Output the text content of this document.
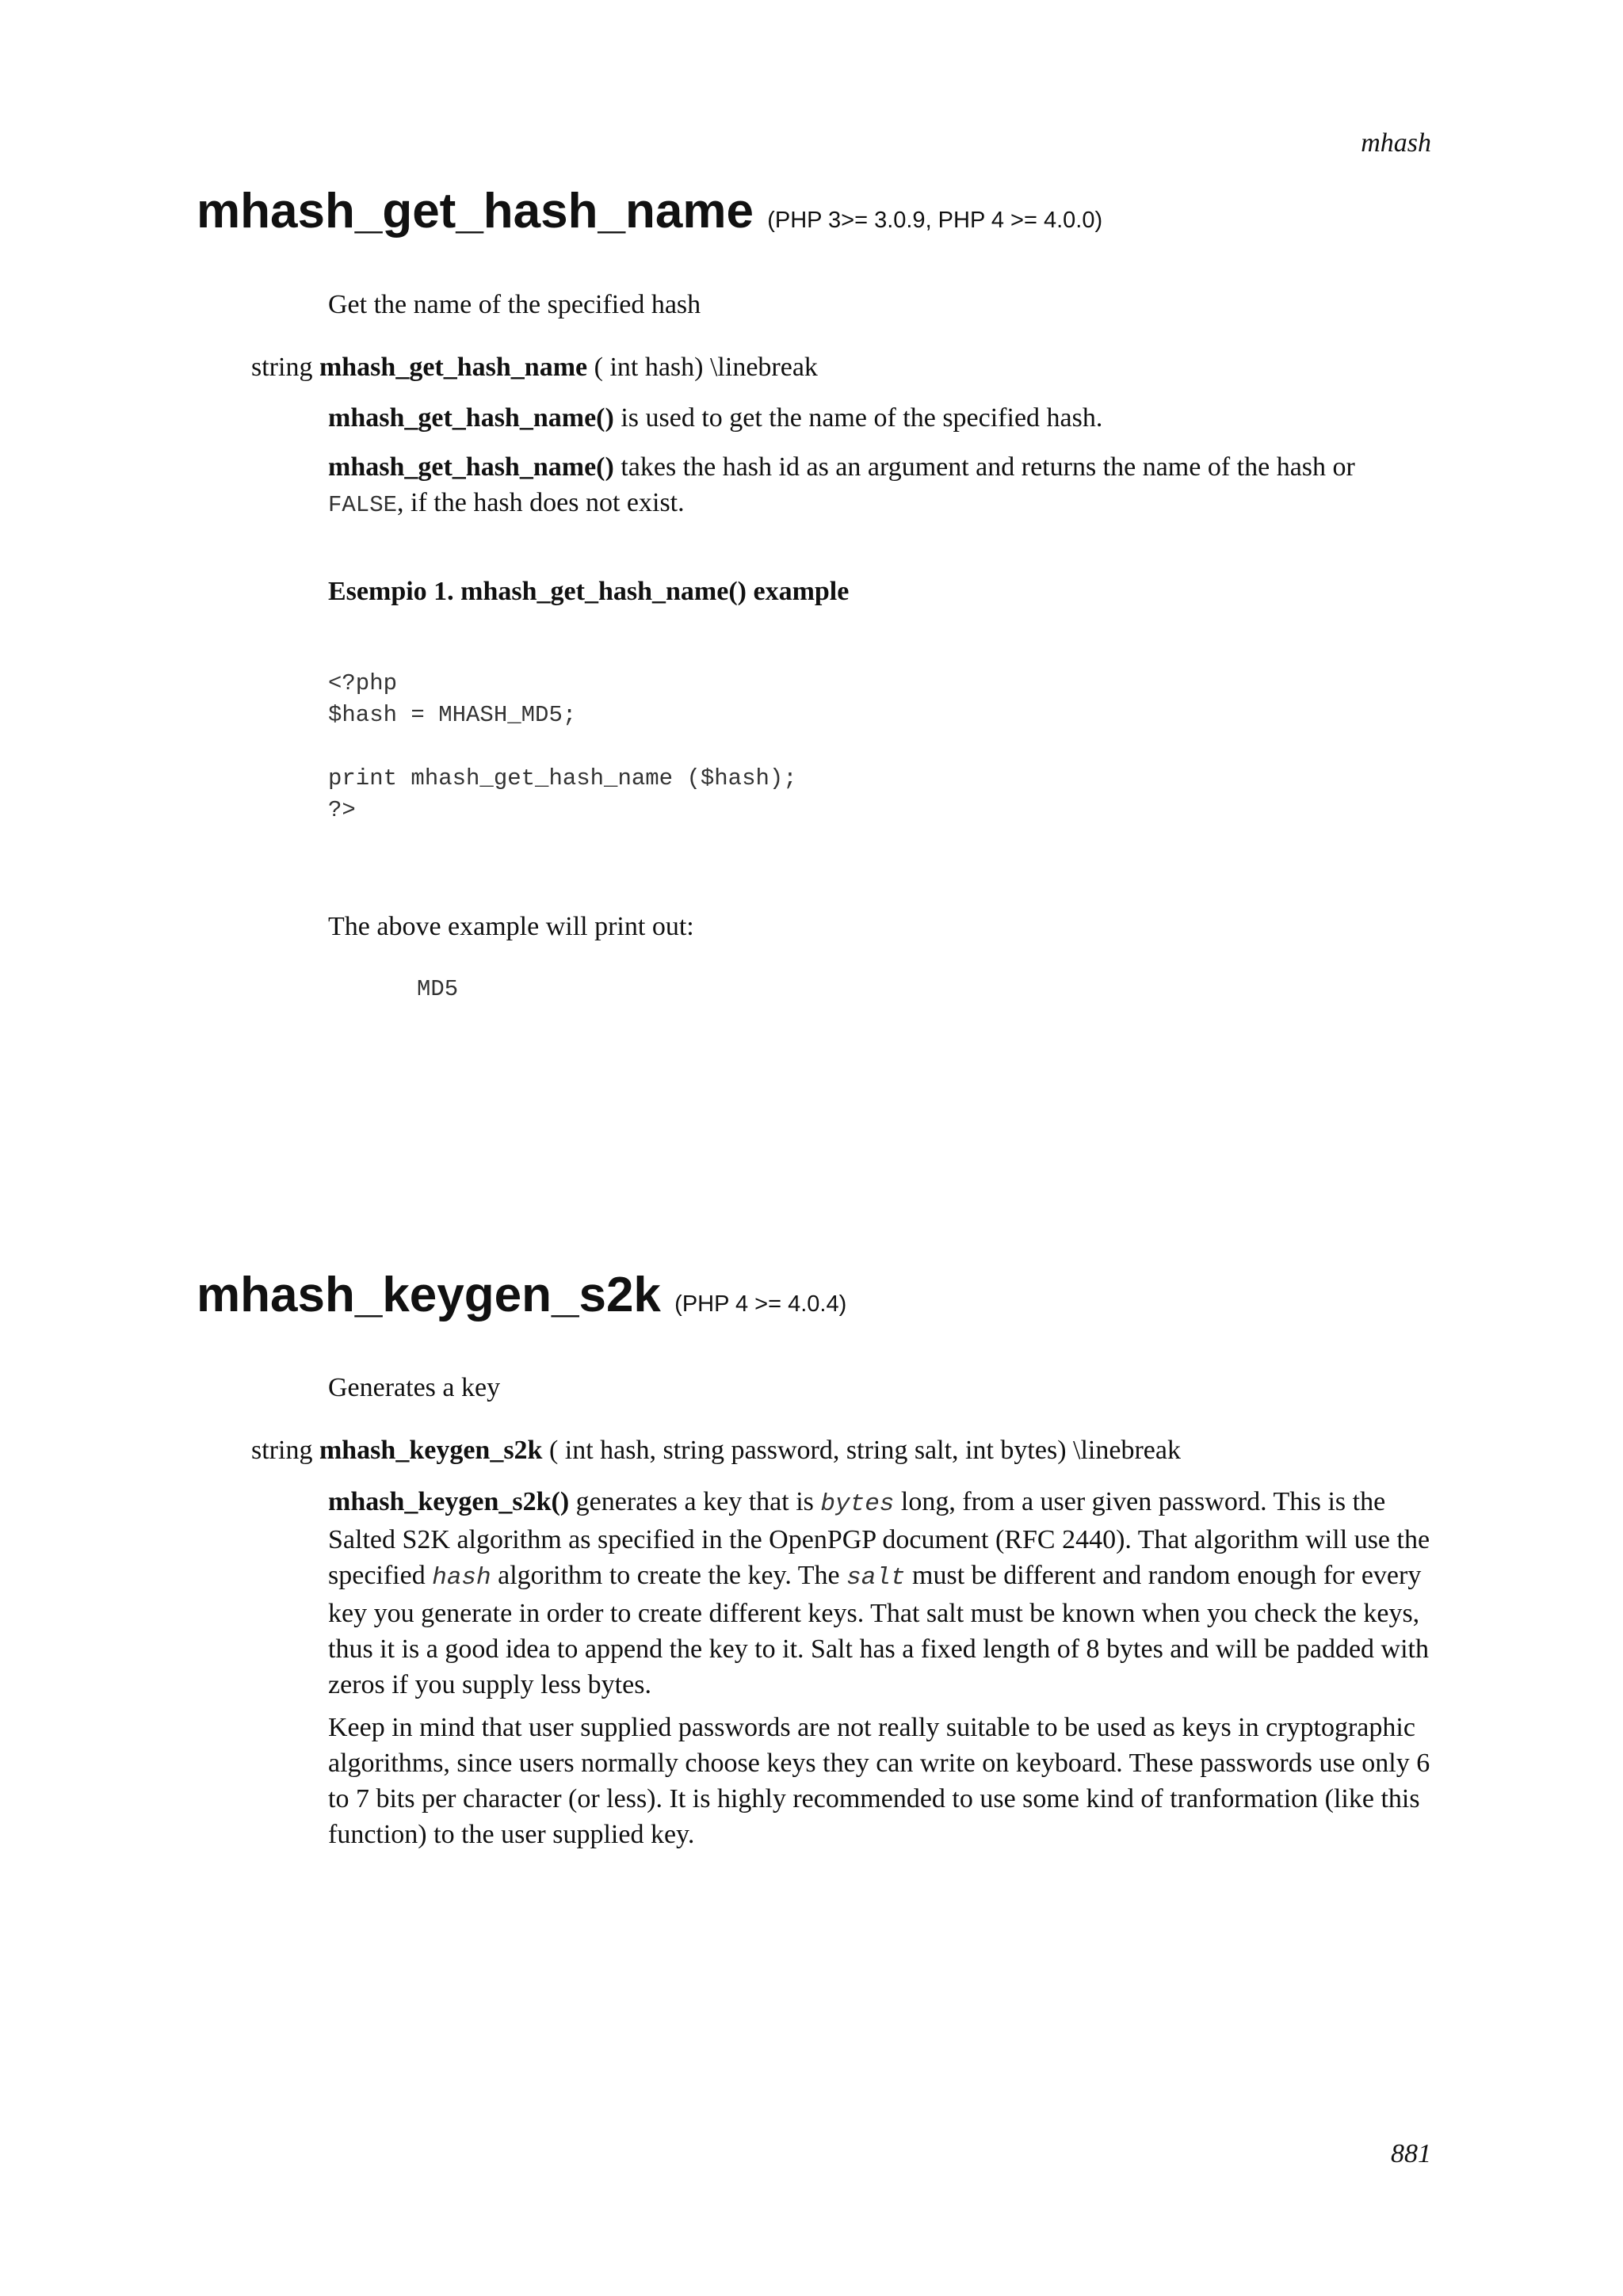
mhash
mhash_get_hash_name (PHP 3>= 3.0.9, PHP 4 >= 4.0.0)
Get the name of the specified hash
string mhash_get_hash_name ( int hash) \linebreak
mhash_get_hash_name() is used to get the name of the specified hash.
mhash_get_hash_name() takes the hash id as an argument and returns the name of the hash or
FALSE, if the hash does not exist.
Esempio 1. mhash_get_hash_name() example
<?php
$hash = MHASH_MD5;

print mhash_get_hash_name ($hash);
?>
The above example will print out:
MD5
mhash_keygen_s2k (PHP 4 >= 4.0.4)
Generates a key
string mhash_keygen_s2k ( int hash, string password, string salt, int bytes) \linebreak
mhash_keygen_s2k() generates a key that is bytes long, from a user given password. This is the Salted S2K algorithm as specified in the OpenPGP document (RFC 2440). That algorithm will use the specified hash algorithm to create the key. The salt must be different and random enough for every key you generate in order to create different keys. That salt must be known when you check the keys, thus it is a good idea to append the key to it. Salt has a fixed length of 8 bytes and will be padded with zeros if you supply less bytes.
Keep in mind that user supplied passwords are not really suitable to be used as keys in cryptographic algorithms, since users normally choose keys they can write on keyboard. These passwords use only 6 to 7 bits per character (or less). It is highly recommended to use some kind of tranformation (like this function) to the user supplied key.
881
